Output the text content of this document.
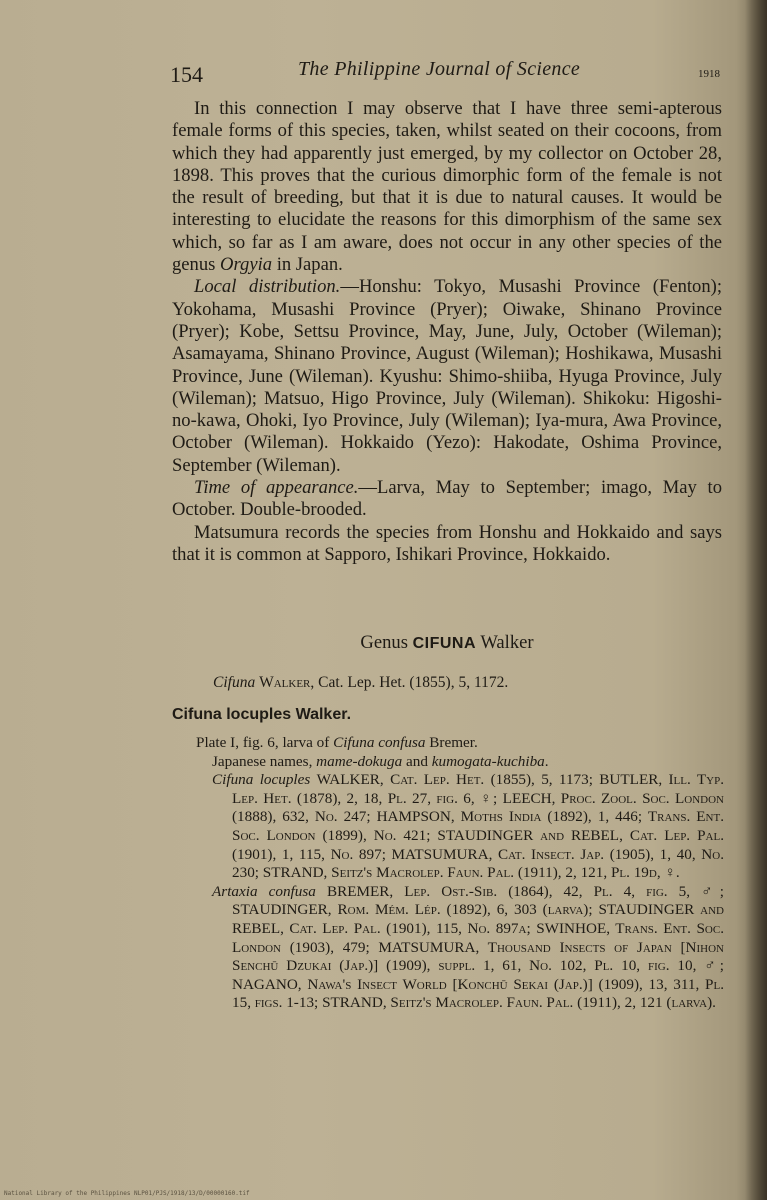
154	The Philippine Journal of Science	1918

In this connection I may observe that I have three semi-apterous female forms of this species, taken, whilst seated on their cocoons, from which they had apparently just emerged, by my collector on October 28, 1898. This proves that the curious dimorphic form of the female is not the result of breeding, but that it is due to natural causes. It would be interesting to elucidate the reasons for this dimorphism of the same sex which, so far as I am aware, does not occur in any other species of the genus Orgyia in Japan.

Local distribution.—Honshu: Tokyo, Musashi Province (Fenton); Yokohama, Musashi Province (Pryer); Oiwake, Shinano Province (Pryer); Kobe, Settsu Province, May, June, July, October (Wileman); Asamayama, Shinano Province, August (Wileman); Hoshikawa, Musashi Province, June (Wileman). Kyushu: Shimo-shiiba, Hyuga Province, July (Wileman); Matsuo, Higo Province, July (Wileman). Shikoku: Higoshi-no-kawa, Ohoki, Iyo Province, July (Wileman); Iya-mura, Awa Province, October (Wileman). Hokkaido (Yezo): Hakodate, Oshima Province, September (Wileman).

Time of appearance.—Larva, May to September; imago, May to October. Double-brooded.

Matsumura records the species from Honshu and Hokkaido and says that it is common at Sapporo, Ishikari Province, Hokkaido.

Genus CIFUNA Walker
Cifuna Walker, Cat. Lep. Het. (1855), 5, 1172.
Cifuna locuples Walker.

Plate I, fig. 6, larva of Cifuna confusa Bremer.

Japanese names, mame-dokuga and kumogata-kuchiba.

Cifuna locuples WALKER, Cat. Lep. Het. (1855), 5, 1173; BUTLER, Ill. Typ. Lep. Het. (1878), 2, 18, Pl. 27, fig. 6, ♀; LEECH, Proc. Zool. Soc. London (1888), 632, No. 247; HAMPSON, Moths India (1892), 1, 446; Trans. Ent. Soc. London (1899), No. 421; STAUDINGER and REBEL, Cat. Lep. Pal. (1901), 1, 115, No. 897; MATSUMURA, Cat. Insect. Jap. (1905), 1, 40, No. 230; STRAND, Seitz's Macrolep. Faun. Pal. (1911), 2, 121, Pl. 19d, ♀.

Artaxia confusa BREMER, Lep. Ost.-Sib. (1864), 42, Pl. 4, fig. 5, ♂; STAUDINGER, Rom. Mém. Lép. (1892), 6, 303 (larva); STAUDINGER and REBEL, Cat. Lep. Pal. (1901), 115, No. 897a; SWINHOE, Trans. Ent. Soc. London (1903), 479; MATSUMURA, Thousand Insects of Japan [Nihon Senchū Dzukai (Jap.)] (1909), suppl. 1, 61, No. 102, Pl. 10, fig. 10, ♂; NAGANO, Nawa's Insect World [Konchū Sekai (Jap.)] (1909), 13, 311, Pl. 15, figs. 1-13; STRAND, Seitz's Macrolep. Faun. Pal. (1911), 2, 121 (larva).

National Library of the Philippines NLP01/PJS/1918/13/D/00000160.tif
